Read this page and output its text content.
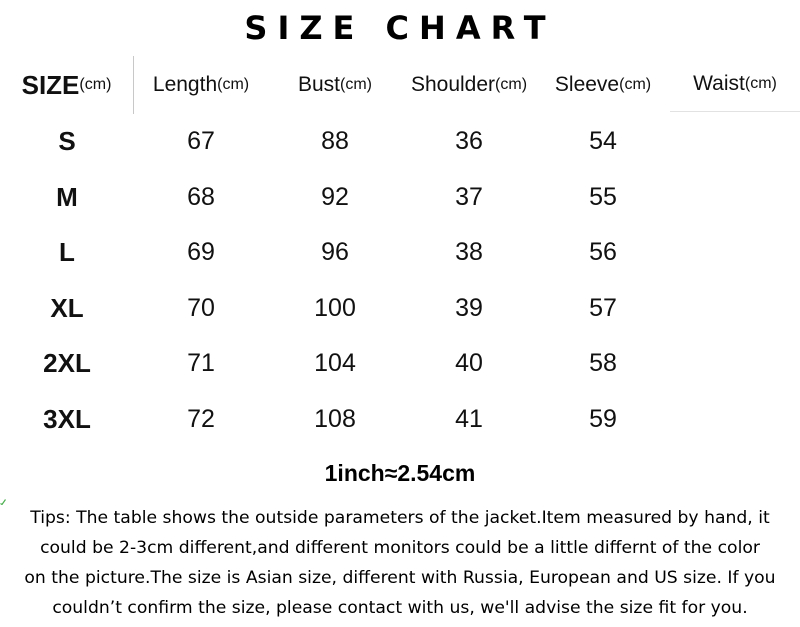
SIZE CHART
SIZE (cm) Length (cm) Bust (cm) Shoulder (cm) Sleeve (cm) Waist (cm)
S	67	88	36	54
M	68	92	37	55
L	69	96	38	56
XL	70	100	39	57
2XL	71	104	40	58
3XL	72	108	41	59
1inch≈2.54cm
Tips: The table shows the outside parameters of the jacket.Item measured by hand, it
could be 2-3cm different,and different monitors could be a little differnt of the color
on the picture.The size is Asian size, different with Russia, European and US size. If you
couldn’t confirm the size, please contact with us, we'll advise the size fit for you.
